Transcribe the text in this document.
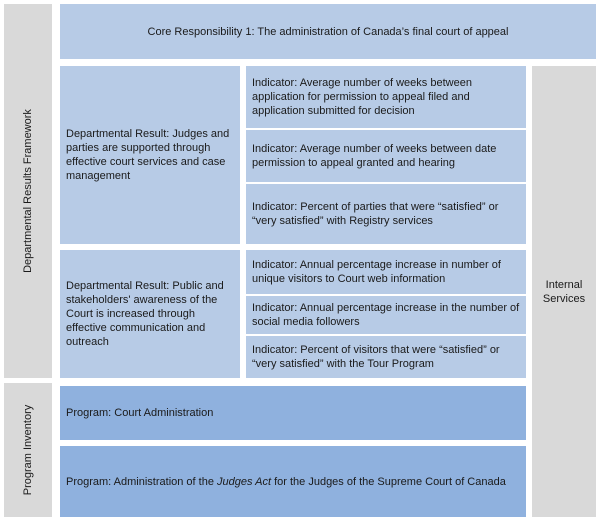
Departmental Results Framework
Program Inventory
Core Responsibility 1: The administration of Canada’s final court of appeal
Departmental Result: Judges and parties are supported through effective court services and case management
Departmental Result: Public and stakeholders' awareness of the Court is increased through effective communication and outreach
Indicator: Average number of weeks between application for permission to appeal filed and application submitted for decision
Indicator: Average number of weeks between date permission to appeal granted and hearing
Indicator: Percent of parties that were “satisfied” or “very satisfied” with Registry services
Indicator: Annual percentage increase in number of unique visitors to Court web information
Indicator: Annual percentage increase in the number of social media followers
Indicator: Percent of visitors that were “satisfied” or “very satisfied” with the Tour Program
Internal Services
Program: Court Administration
Program: Administration of the Judges Act for the Judges of the Supreme Court of Canada
